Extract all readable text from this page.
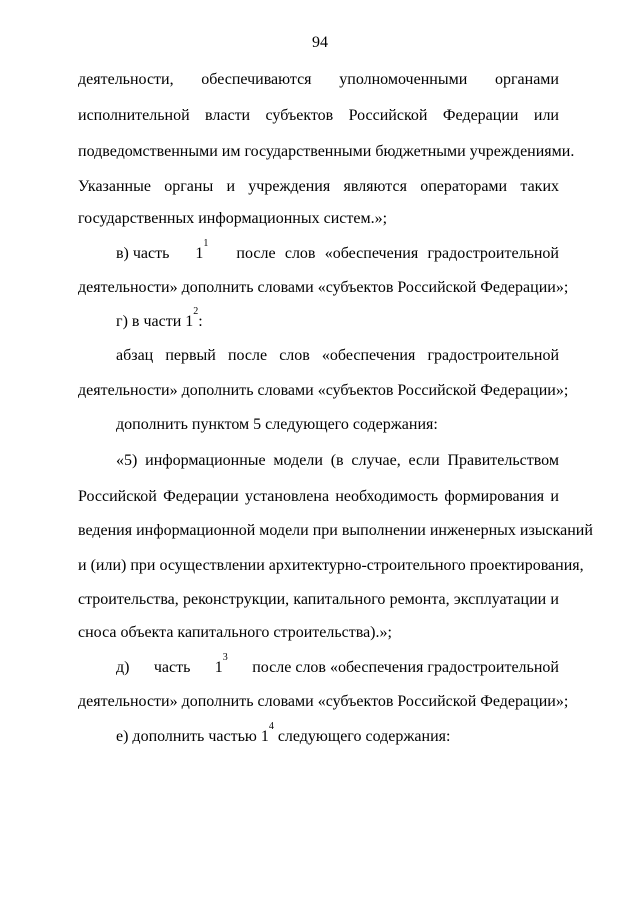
94
деятельности, обеспечиваются уполномоченными органами
исполнительной власти субъектов Российской Федерации или
подведомственными им государственными бюджетными учреждениями.
Указанные органы и учреждения являются операторами таких
государственных информационных систем.»;
в) часть $1^1$
после слов «обеспечения градостроительной
деятельности» дополнить словами «субъектов Российской Федерации»;
г) в части $1^2$:
абзац первый после слов «обеспечения градостроительной
деятельности» дополнить словами «субъектов Российской Федерации»;
дополнить пунктом 5 следующего содержания:
«5) информационные модели (в случае, если Правительством
Российской Федерации установлена необходимость формирования и
ведения информационной модели при выполнении инженерных изысканий
и (или) при осуществлении архитектурно-строительного проектирования,
строительства, реконструкции, капитального ремонта, эксплуатации и
сноса объекта капитального строительства).»;
д) часть $1^3$
после слов «обеспечения градостроительной
деятельности» дополнить словами «субъектов Российской Федерации»;
е) дополнить частью $1^4$ следующего содержания:
